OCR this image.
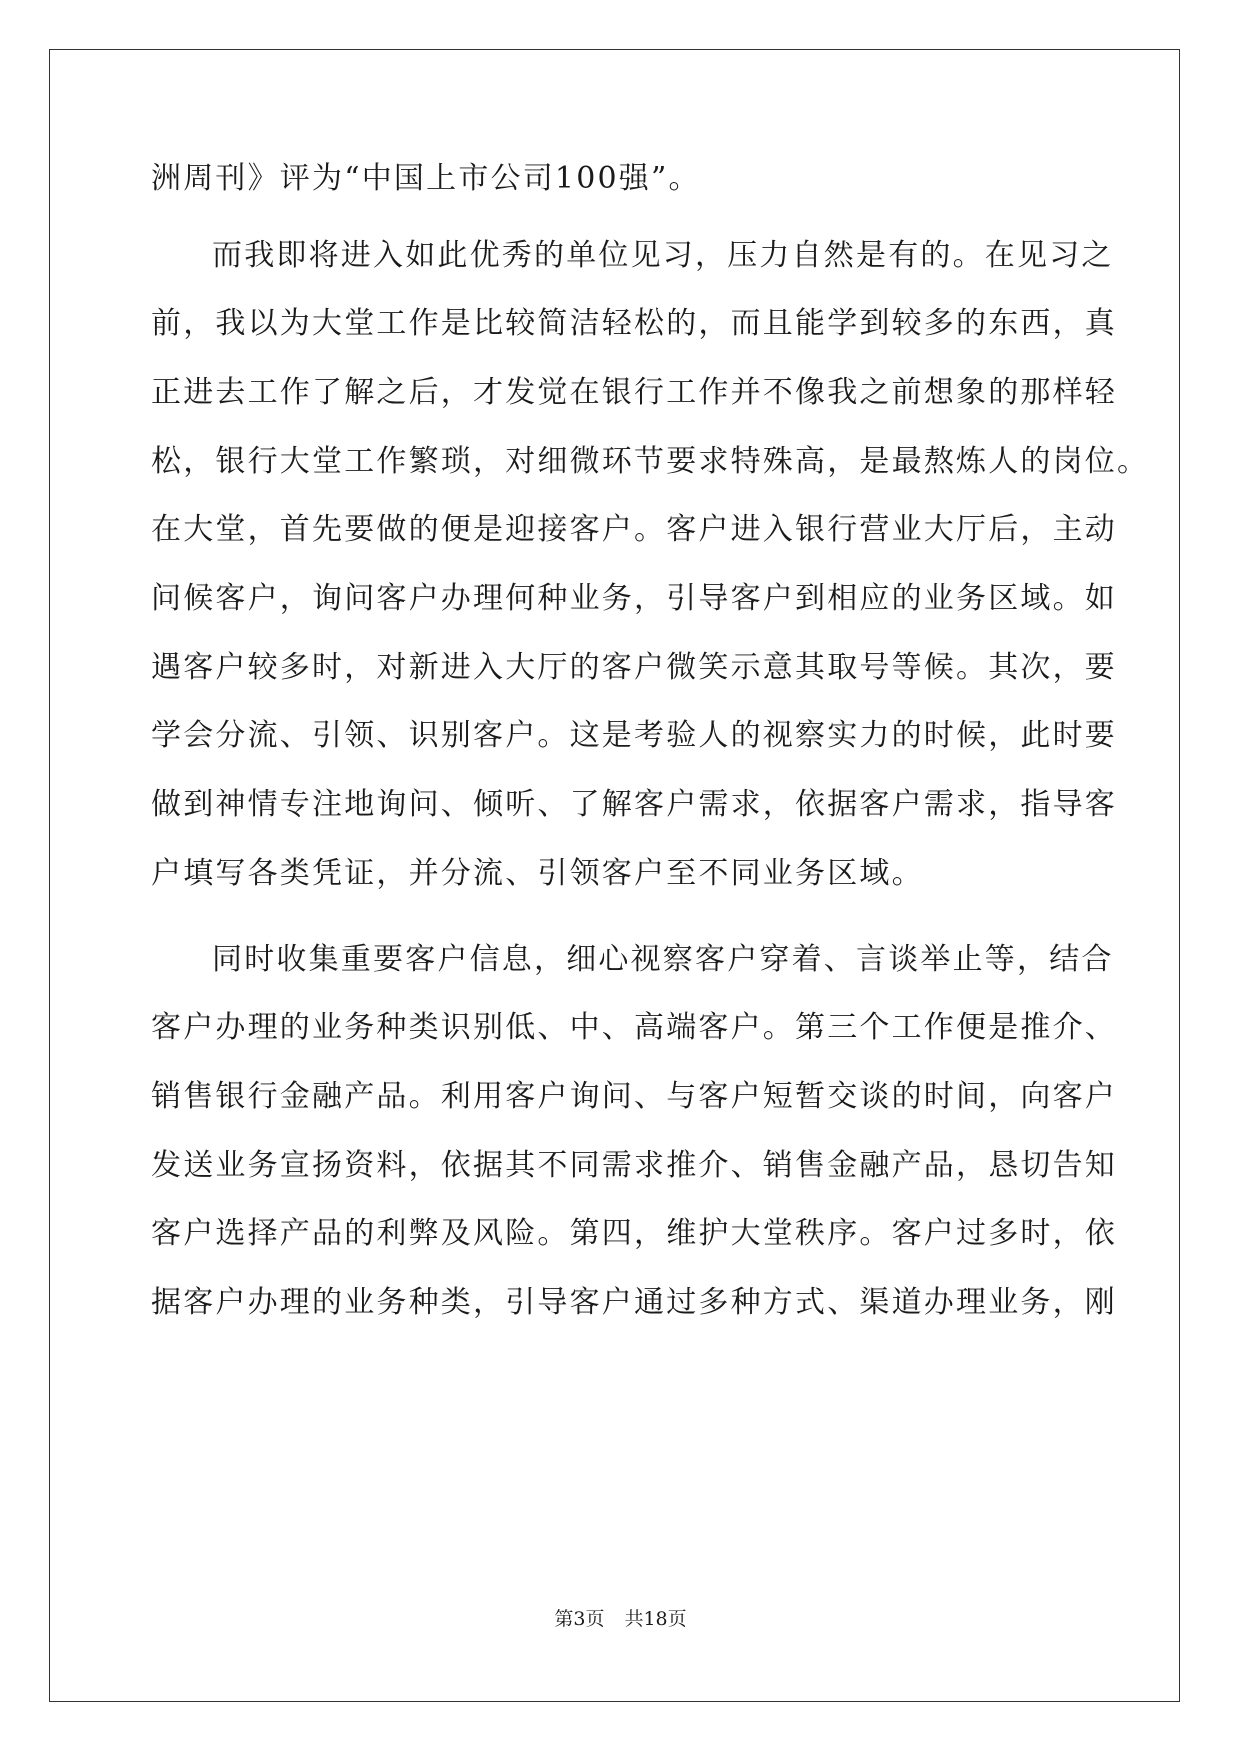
洲周刊》评为“中国上市公司100强”。
而我即将进入如此优秀的单位见习，压力自然是有的。在见习之
前，我以为大堂工作是比较简洁轻松的，而且能学到较多的东西，真
正进去工作了解之后，才发觉在银行工作并不像我之前想象的那样轻
松，银行大堂工作繁琐，对细微环节要求特殊高，是最熬炼人的岗位。
在大堂，首先要做的便是迎接客户。客户进入银行营业大厅后，主动
问候客户，询问客户办理何种业务，引导客户到相应的业务区域。如
遇客户较多时，对新进入大厅的客户微笑示意其取号等候。其次，要
学会分流、引领、识别客户。这是考验人的视察实力的时候，此时要
做到神情专注地询问、倾听、了解客户需求，依据客户需求，指导客
户填写各类凭证，并分流、引领客户至不同业务区域。
同时收集重要客户信息，细心视察客户穿着、言谈举止等，结合
客户办理的业务种类识别低、中、高端客户。第三个工作便是推介、
销售银行金融产品。利用客户询问、与客户短暂交谈的时间，向客户
发送业务宣扬资料，依据其不同需求推介、销售金融产品，恳切告知
客户选择产品的利弊及风险。第四，维护大堂秩序。客户过多时，依
据客户办理的业务种类，引导客户通过多种方式、渠道办理业务，刚
第3页 共18页
